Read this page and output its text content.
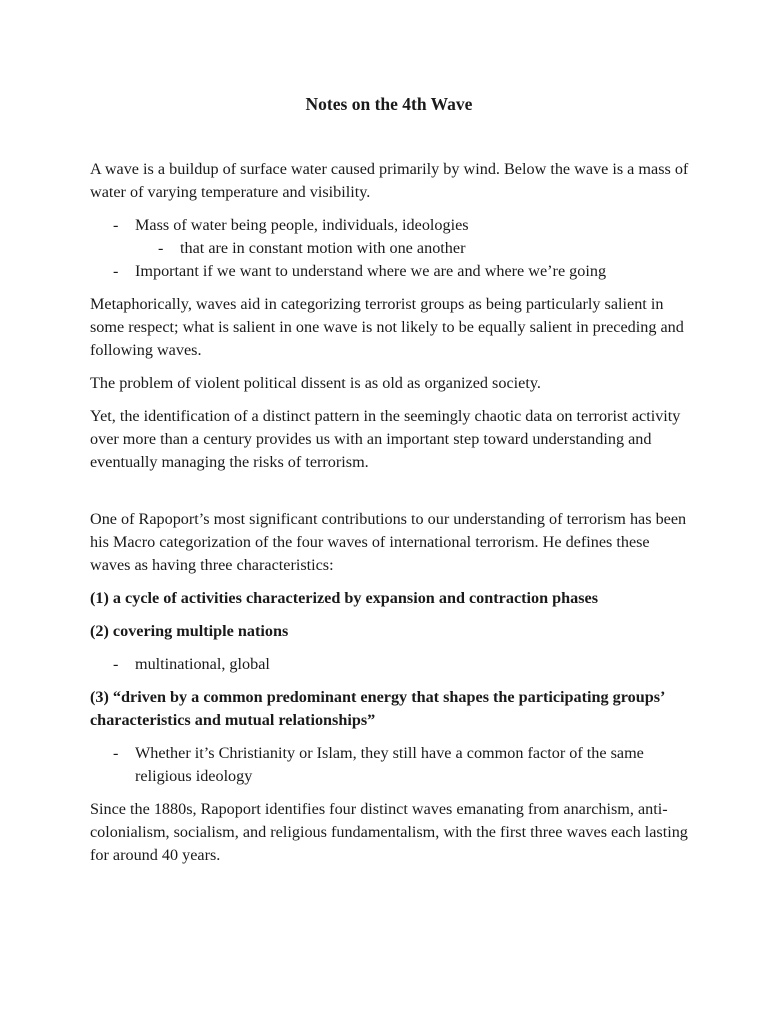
Notes on the 4th Wave

A wave is a buildup of surface water caused primarily by wind. Below the wave is a mass of water of varying temperature and visibility.

- Mass of water being people, individuals, ideologies
- that are in constant motion with one another
- Important if we want to understand where we are and where we’re going

Metaphorically, waves aid in categorizing terrorist groups as being particularly salient in some respect; what is salient in one wave is not likely to be equally salient in preceding and following waves.

The problem of violent political dissent is as old as organized society.

Yet, the identification of a distinct pattern in the seemingly chaotic data on terrorist activity over more than a century provides us with an important step toward understanding and eventually managing the risks of terrorism.

One of Rapoport’s most significant contributions to our understanding of terrorism has been his Macro categorization of the four waves of international terrorism. He defines these waves as having three characteristics:

(1) a cycle of activities characterized by expansion and contraction phases

(2) covering multiple nations

- multinational, global

(3) “driven by a common predominant energy that shapes the participating groups’ characteristics and mutual relationships”

- Whether it’s Christianity or Islam, they still have a common factor of the same religious ideology

Since the 1880s, Rapoport identifies four distinct waves emanating from anarchism, anti-colonialism, socialism, and religious fundamentalism, with the first three waves each lasting for around 40 years.
